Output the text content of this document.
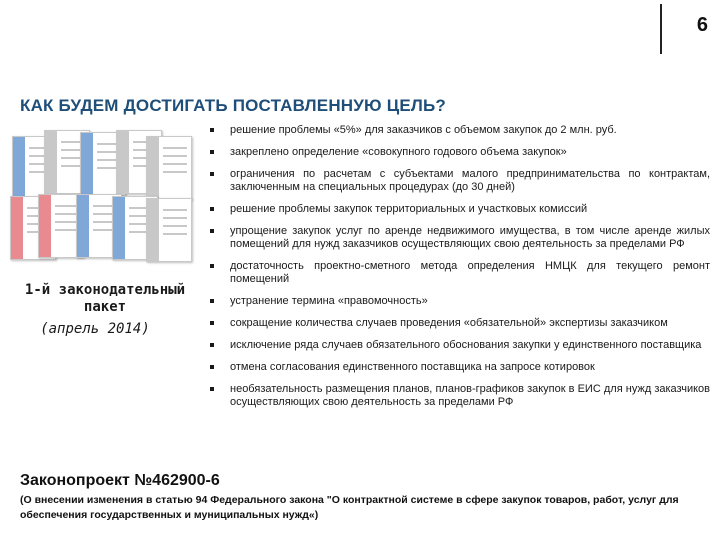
6
КАК БУДЕМ ДОСТИГАТЬ ПОСТАВЛЕННУЮ ЦЕЛЬ?
1-й законодательный пакет
(апрель 2014)
решение проблемы «5%» для заказчиков с объемом закупок до 2 млн. руб.
закреплено определение «совокупного годового объема закупок»
ограничения по расчетам с субъектами малого предпринимательства по контрактам, заключенным на специальных процедурах (до 30 дней)
решение проблемы закупок территориальных и участковых комиссий
упрощение закупок услуг по аренде недвижимого имущества, в том числе аренде жилых помещений для нужд заказчиков осуществляющих свою деятельность за пределами РФ
достаточность проектно-сметного метода определения НМЦК для текущего ремонт помещений
устранение термина «правомочность»
сокращение количества случаев проведения «обязательной» экспертизы заказчиком
исключение ряда случаев обязательного обоснования закупки у единственного поставщика
отмена согласования единственного поставщика на запросе котировок
необязательность размещения планов, планов-графиков закупок в ЕИС для нужд заказчиков осуществляющих свою деятельность за пределами РФ
Законопроект №462900-6
(О внесении изменения в статью 94 Федерального закона "О контрактной системе в сфере закупок товаров, работ, услуг для обеспечения государственных и муниципальных нужд«)
